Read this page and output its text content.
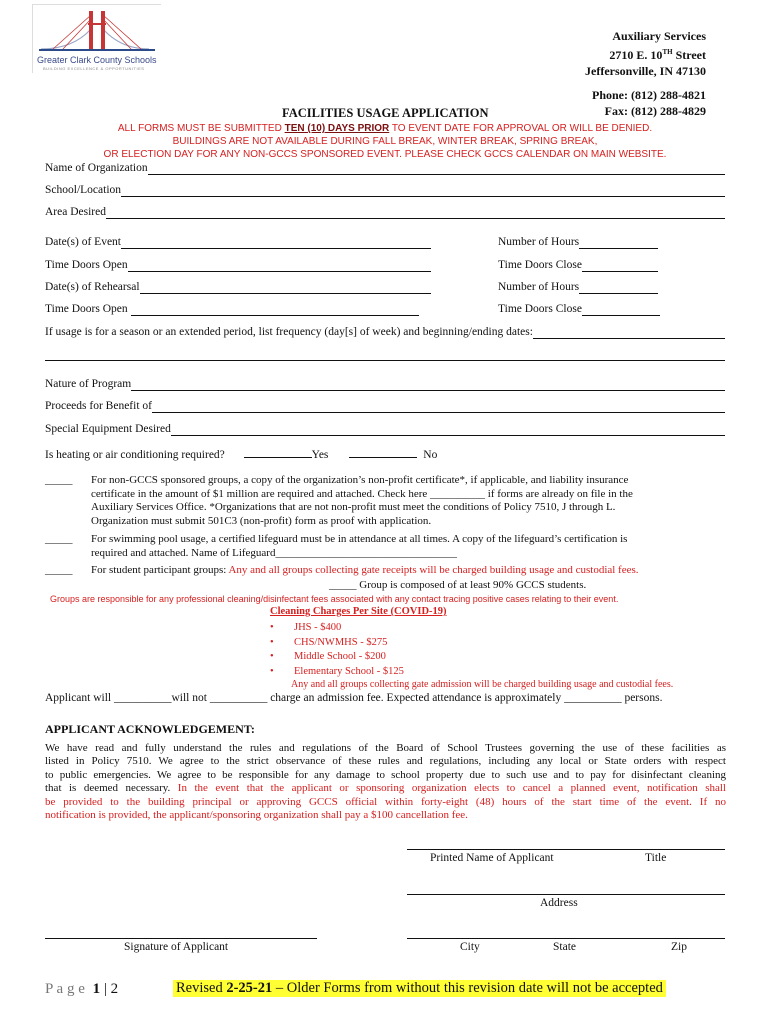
Greater Clark County Schools
BUILDING EXCELLENCE & OPPORTUNITIES
Auxiliary Services
2710 E. 10TH Street
Jeffersonville, IN 47130
Phone: (812) 288-4821
Fax: (812) 288-4829
FACILITIES USAGE APPLICATION
ALL FORMS MUST BE SUBMITTED TEN (10) DAYS PRIOR TO EVENT DATE FOR APPROVAL OR WILL BE DENIED.
BUILDINGS ARE NOT AVAILABLE DURING FALL BREAK, WINTER BREAK, SPRING BREAK,
OR ELECTION DAY FOR ANY NON-GCCS SPONSORED EVENT. PLEASE CHECK GCCS CALENDAR ON MAIN WEBSITE.
Name of Organization
School/Location
Area Desired
Date(s) of Event	Number of Hours
Time Doors Open	Time Doors Close
Date(s) of Rehearsal	Number of Hours
Time Doors Open	Time Doors Close
If usage is for a season or an extended period, list frequency (day[s] of week) and beginning/ending dates:
Nature of Program
Proceeds for Benefit of
Special Equipment Desired
Is heating or air conditioning required?	Yes	No
_____ For non-GCCS sponsored groups, a copy of the organization’s non-profit certificate*, if applicable, and liability insurance
certificate in the amount of $1 million are required and attached. Check here __________ if forms are already on file in the
Auxiliary Services Office. *Organizations that are not non-profit must meet the conditions of Policy 7510, J through L.
Organization must submit 501C3 (non-profit) form as proof with application.
_____ For swimming pool usage, a certified lifeguard must be in attendance at all times. A copy of the lifeguard’s certification is
required and attached. Name of Lifeguard_________________________________
_____ For student participant groups: Any and all groups collecting gate receipts will be charged building usage and custodial fees.
_____ Group is composed of at least 90% GCCS students.
Groups are responsible for any professional cleaning/disinfectant fees associated with any contact tracing positive cases relating to their event.
Cleaning Charges Per Site (COVID-19)
• JHS - $400
• CHS/NWMHS - $275
• Middle School - $200
• Elementary School - $125
Any and all groups collecting gate admission will be charged building usage and custodial fees.
Applicant will __________will not __________ charge an admission fee. Expected attendance is approximately __________ persons.
APPLICANT ACKNOWLEDGEMENT:
We have read and fully understand the rules and regulations of the Board of School Trustees governing the use of these facilities as
listed in Policy 7510. We agree to the strict observance of these rules and regulations, including any local or State orders with respect
to public emergencies. We agree to be responsible for any damage to school property due to such use and to pay for disinfectant cleaning
that is deemed necessary. In the event that the applicant or sponsoring organization elects to cancel a planned event, notification shall
be provided to the building principal or approving GCCS official within forty-eight (48) hours of the start time of the event. If no
notification is provided, the applicant/sponsoring organization shall pay a $100 cancellation fee.
Printed Name of Applicant	Title
Address
Signature of Applicant	City	State	Zip
P a g e 1 | 2	Revised 2-25-21 – Older Forms from without this revision date will not be accepted
